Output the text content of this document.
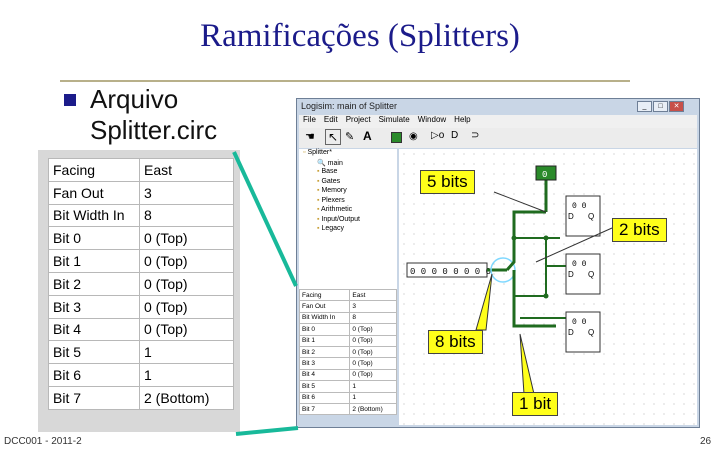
Ramificações (Splitters)
Arquivo Splitter.circ
Facing	East
Fan Out	3
Bit Width In	8
Bit 0	0 (Top)
Bit 1	0 (Top)
Bit 2	0 (Top)
Bit 3	0 (Top)
Bit 4	0 (Top)
Bit 5	1
Bit 6	1
Bit 7	2 (Bottom)
Logisim: main of Splitter	_	□	✕
File Edit Project Simulate Window Help
☚ ↖ ✎ A	◉ ▷o D ⊃
▫ Splitter*
🔍 main
▪ Base
▪ Gates
▪ Memory
▪ Plexers
▪ Arithmetic
▪ Input/Output
▪ Legacy
Facing	East
Fan Out	3
Bit Width In	8
Bit 0	0 (Top)
Bit 1	0 (Top)
Bit 2	0 (Top)
Bit 3	0 (Top)
Bit 4	0 (Top)
Bit 5	1
Bit 6	1
Bit 7	2 (Bottom)
0 0 0 0 0 0 0 0
0
0 0
D Q
0 0
D Q
0 0
D Q
5 bits
2 bits
8 bits
1 bit
DCC001 - 2011-2	26
